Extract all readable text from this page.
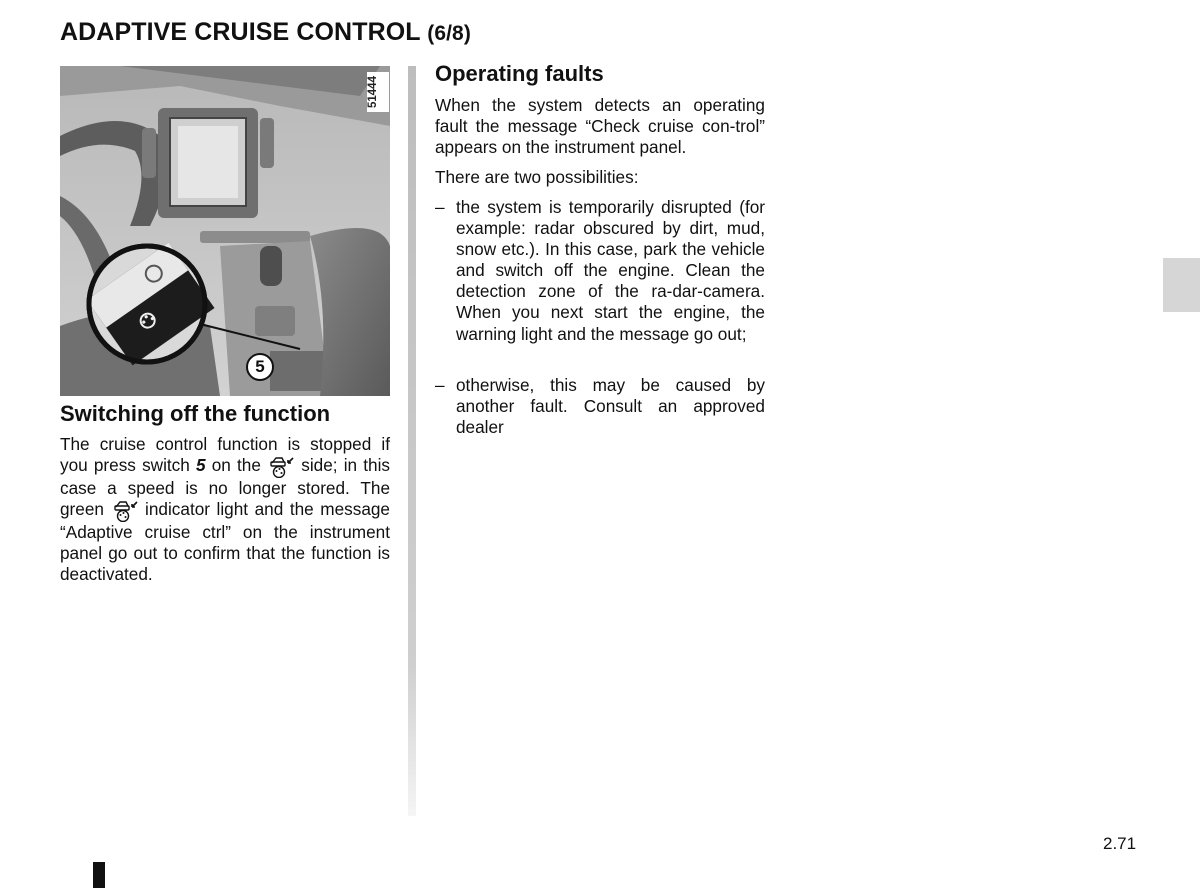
ADAPTIVE CRUISE CONTROL (6/8)
51444
5
Switching off the function
The cruise control function is stopped if you press switch 5 on the
side; in this case a speed is no longer stored. The green
indicator light and the message “Adaptive cruise ctrl” on the instrument panel go out to confirm that the function is deactivated.
Operating faults
When the system detects an operating fault the message “Check cruise con-trol” appears on the instrument panel.
There are two possibilities:
– the system is temporarily disrupted (for example: radar obscured by dirt, mud, snow etc.). In this case, park the vehicle and switch off the engine. Clean the detection zone of the ra-dar-camera. When you next start the engine, the warning light and the message go out;
– otherwise, this may be caused by another fault. Consult an approved dealer
2.71
